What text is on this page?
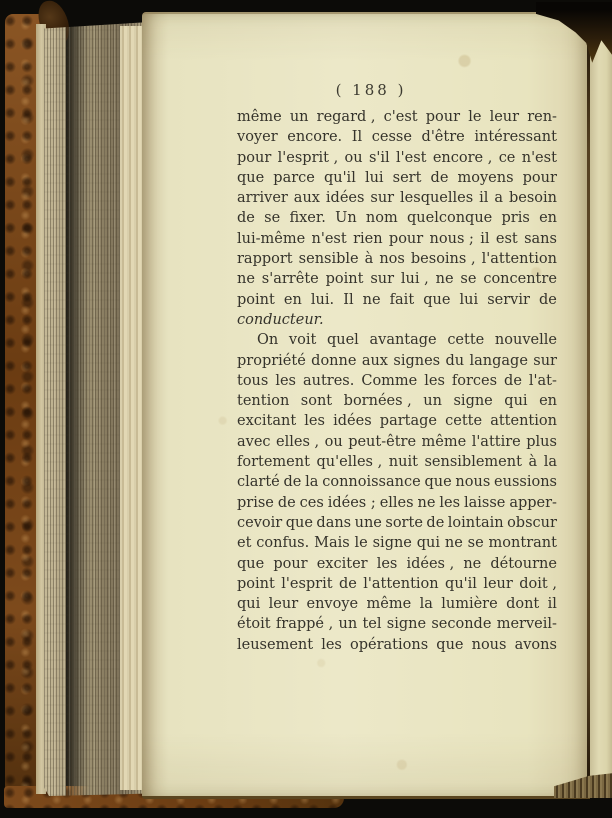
( 188 )
même un regard , c'est pour le leur ren-
voyer encore. Il cesse d'être intéressant
pour l'esprit , ou s'il l'est encore , ce n'est
que parce qu'il lui sert de moyens pour
arriver aux idées sur lesquelles il a besoin
de se fixer. Un nom quelconque pris en
lui-même n'est rien pour nous ; il est sans
rapport sensible à nos besoins , l'attention
ne s'arrête point sur lui , ne se concentre
point en lui. Il ne fait que lui servir de
conducteur.
On voit quel avantage cette nouvelle
propriété donne aux signes du langage sur
tous les autres. Comme les forces de l'at-
tention sont bornées , un signe qui en
excitant les idées partage cette attention
avec elles , ou peut-être même l'attire plus
fortement qu'elles , nuit sensiblement à la
clarté de la connoissance que nous eussions
prise de ces idées ; elles ne les laisse apper-
cevoir que dans une sorte de lointain obscur
et confus. Mais le signe qui ne se montrant
que pour exciter les idées , ne détourne
point l'esprit de l'attention qu'il leur doit ,
qui leur envoye même la lumière dont il
étoit frappé , un tel signe seconde merveil-
leusement les opérations que nous avons
